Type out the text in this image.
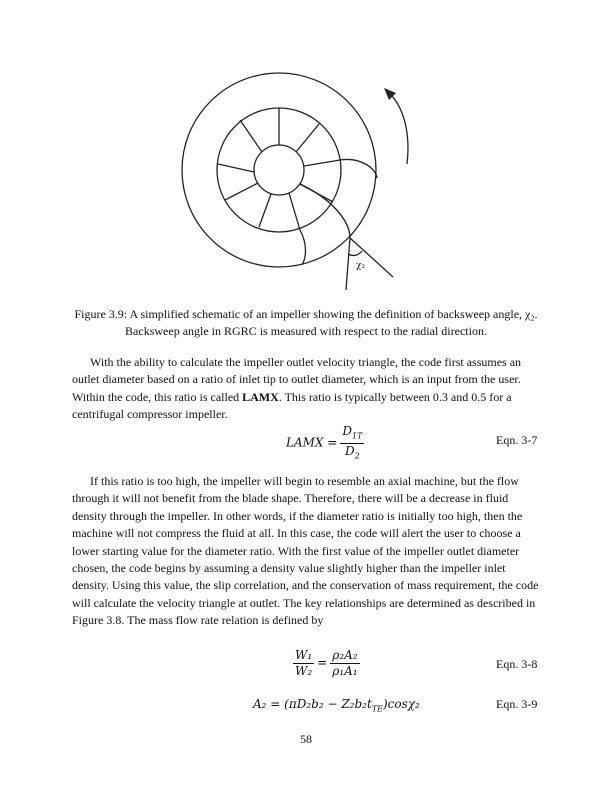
χ₂
Figure 3.9: A simplified schematic of an impeller showing the definition of backsweep angle, χ₂.
Backsweep angle in RGRC is measured with respect to the radial direction.
With the ability to calculate the impeller outlet velocity triangle, the code first assumes an outlet diameter based on a ratio of inlet tip to outlet diameter, which is an input from the user. Within the code, this ratio is called LAMX. This ratio is typically between 0.3 and 0.5 for a centrifugal compressor impeller.
LAMX = $\frac{D_{1T}}{D_2}$	Eqn. 3-7
If this ratio is too high, the impeller will begin to resemble an axial machine, but the flow through it will not benefit from the blade shape. Therefore, there will be a decrease in fluid density through the impeller. In other words, if the diameter ratio is initially too high, then the machine will not compress the fluid at all. In this case, the code will alert the user to choose a lower starting value for the diameter ratio. With the first value of the impeller outlet diameter chosen, the code begins by assuming a density value slightly higher than the impeller inlet density. Using this value, the slip correlation, and the conservation of mass requirement, the code will calculate the velocity triangle at outlet. The key relationships are determined as described in Figure 3.8. The mass flow rate relation is defined by
$\frac{\text{W₁}}{\text{W₂}} = \frac{\text{ρ₂A₂}}{\text{ρ₁A₁}}$	Eqn. 3-8
$A_2 = (\pi D_2b_2 - Z_2b_2t_{TE})\cos\chi_2$	Eqn. 3-9
58
